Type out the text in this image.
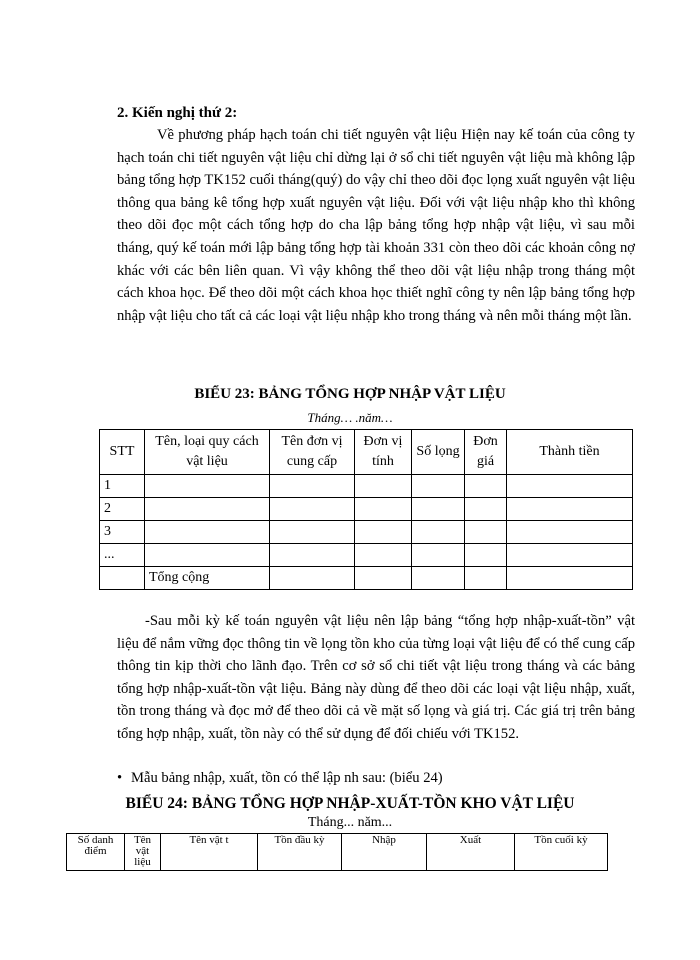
2. Kiến nghị thứ 2:

Về phương pháp hạch toán chi tiết nguyên vật liệu Hiện nay kế toán của công ty hạch toán chi tiết nguyên vật liệu chỉ dừng lại ở sổ chi tiết nguyên vật liệu mà không lập bảng tổng hợp TK152 cuối tháng(quý) do vậy chỉ theo dõi đọc lọng xuất nguyên vật liệu thông qua bảng kê tổng hợp xuất nguyên vật liệu. Đối với vật liệu nhập kho thì không theo dõi đọc một cách tổng hợp do cha lập bảng tổng hợp nhập vật liệu, vì sau mỗi tháng, quý kế toán mới lập bảng tổng hợp tài khoản 331 còn theo dõi các khoản công nợ khác với các bên liên quan. Vì vậy không thể theo dõi vật liệu nhập trong tháng một cách khoa học. Để theo dõi một cách khoa học thiết nghĩ công ty nên lập bảng tổng hợp nhập vật liệu cho tất cả các loại vật liệu nhập kho trong tháng và nên mỗi tháng một lần.

BIỂU 23: BẢNG TỔNG HỢP NHẬP VẬT LIỆU

Tháng… .năm…
STT	Tên, loại quy cách vật liệu	Tên đơn vị cung cấp	Đơn vị tính	Số lọng	Đơn giá	Thành tiền
1						
2						
3						
...						
	Tổng cộng					

-Sau mỗi kỳ kế toán nguyên vật liệu nên lập bảng “tổng hợp nhập-xuất-tồn” vật liệu để nắm vững đọc thông tin về lọng tồn kho của từng loại vật liệu để có thể cung cấp thông tin kịp thời cho lãnh đạo. Trên cơ sở sổ chi tiết vật liệu trong tháng và các bảng tổng hợp nhập-xuất-tồn vật liệu. Bảng này dùng để theo dõi các loại vật liệu nhập, xuất, tồn trong tháng và đọc mở để theo dõi cả về mặt số lọng và giá trị. Các giá trị trên bảng tổng hợp nhập, xuất, tồn này có thể sử dụng để đối chiếu với TK152.

• Mẫu bảng nhập, xuất, tồn có thể lập nh sau: (biểu 24)

BIỂU 24: BẢNG TỔNG HỢP NHẬP-XUẤT-TỒN KHO VẬT LIỆU

Tháng... năm...
Số danh điểm	Tên vật liệu	Tên vật t	Tồn đầu kỳ	Nhập	Xuất	Tồn cuối kỳ
